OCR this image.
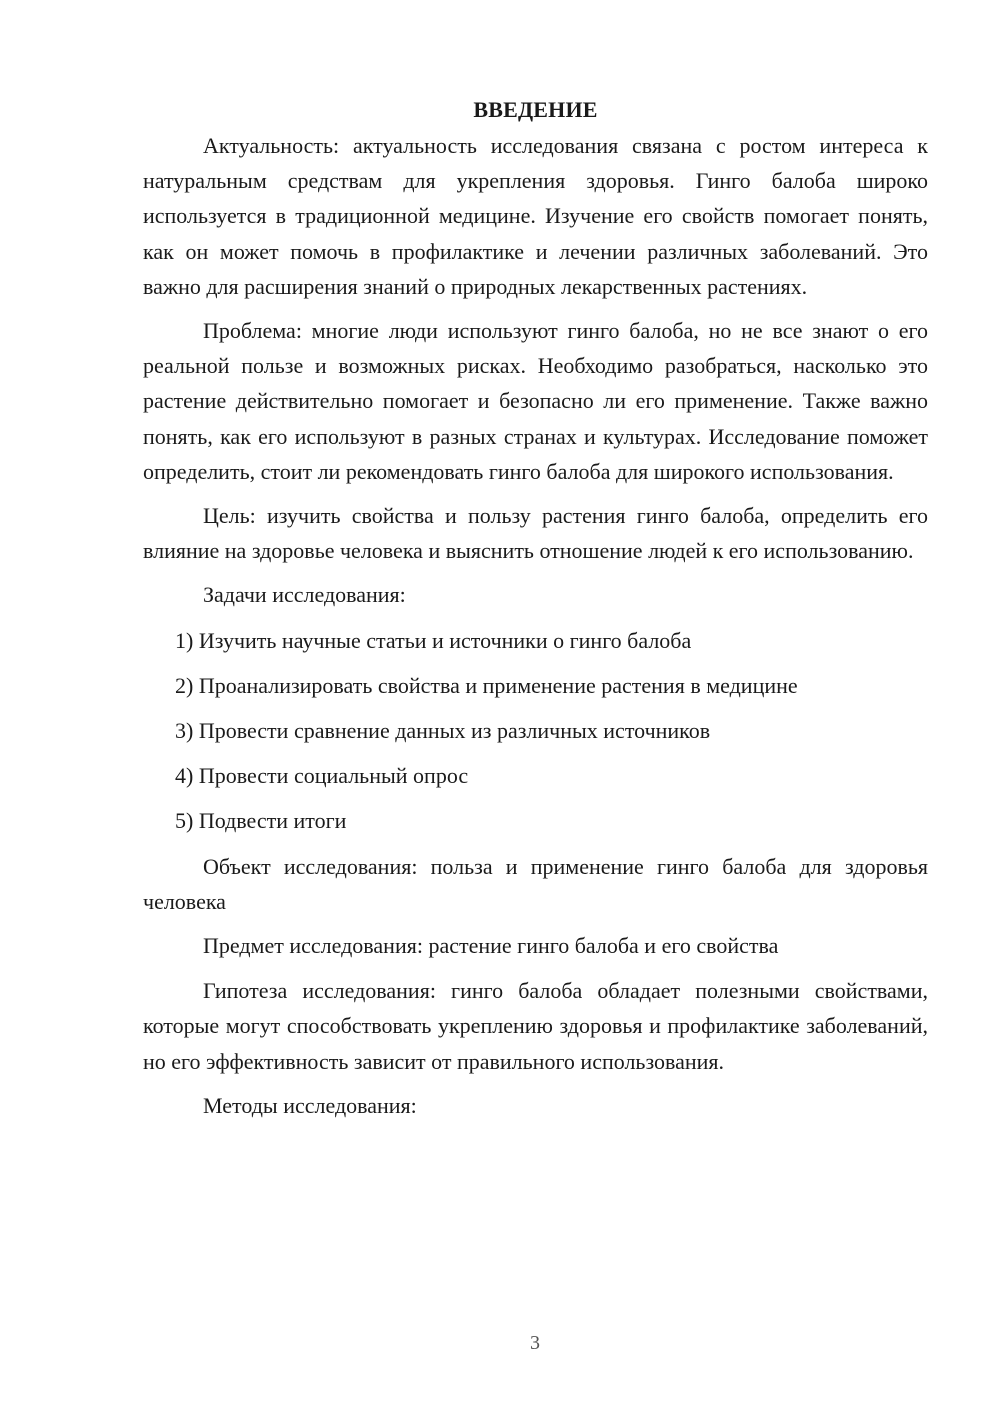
ВВЕДЕНИЕ

Актуальность: актуальность исследования связана с ростом интереса к натуральным средствам для укрепления здоровья. Гинго балоба широко используется в традиционной медицине. Изучение его свойств помогает понять, как он может помочь в профилактике и лечении различных заболеваний. Это важно для расширения знаний о природных лекарственных растениях.

Проблема: многие люди используют гинго балоба, но не все знают о его реальной пользе и возможных рисках. Необходимо разобраться, насколько это растение действительно помогает и безопасно ли его применение. Также важно понять, как его используют в разных странах и культурах. Исследование поможет определить, стоит ли рекомендовать гинго балоба для широкого использования.

Цель: изучить свойства и пользу растения гинго балоба, определить его влияние на здоровье человека и выяснить отношение людей к его использованию.

Задачи исследования:

1) Изучить научные статьи и источники о гинго балоба

2) Проанализировать свойства и применение растения в медицине

3) Провести сравнение данных из различных источников

4) Провести социальный опрос

5) Подвести итоги

Объект исследования: польза и применение гинго балоба для здоровья человека

Предмет исследования: растение гинго балоба и его свойства

Гипотеза исследования: гинго балоба обладает полезными свойствами, которые могут способствовать укреплению здоровья и профилактике заболеваний, но его эффективность зависит от правильного использования.

Методы исследования:

3
